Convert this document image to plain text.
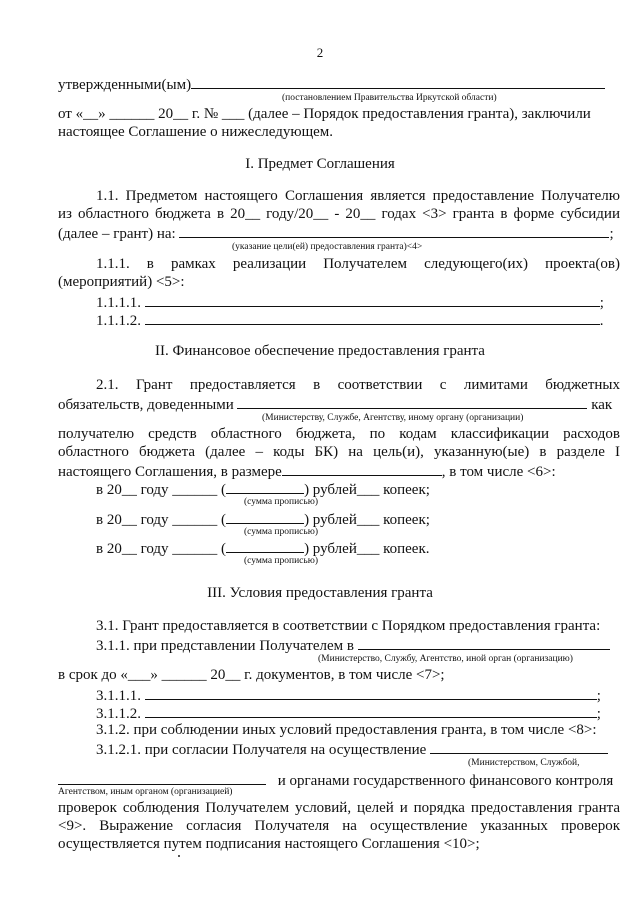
2
утвержденными(ым)
(постановлением Правительства Иркутской области)
от «__» ______ 20__ г. № ___ (далее – Порядок предоставления гранта), заключили
настоящее Соглашение о нижеследующем.
I. Предмет Соглашения
1.1. Предметом настоящего Соглашения является предоставление Получателю
из областного бюджета в 20__ году/20__ - 20__ годах <3> гранта в форме субсидии
(далее – грант) на:	;
(указание цели(ей) предоставления гранта)<4>
1.1.1. в рамках реализации Получателем следующего(их) проекта(ов)
(мероприятий) <5>:
1.1.1.1.	;
1.1.1.2.	.
II. Финансовое обеспечение предоставления гранта
2.1. Грант предоставляется в соответствии с лимитами бюджетных
обязательств, доведенными	как
(Министерству, Службе, Агентству, иному органу (организации)
получателю средств областного бюджета, по кодам классификации расходов
областного бюджета (далее – коды БК) на цель(и), указанную(ые) в разделе I
настоящего Соглашения, в размере	, в том числе <6>:
в 20__ году ______ (	) рублей___ копеек;
(сумма прописью)
в 20__ году ______ (	) рублей___ копеек;
(сумма прописью)
в 20__ году ______ (	) рублей___ копеек.
(сумма прописью)
III. Условия предоставления гранта
3.1. Грант предоставляется в соответствии с Порядком предоставления гранта:
3.1.1. при представлении Получателем в
(Министерство, Службу, Агентство, иной орган (организацию)
в срок до «___» ______ 20__ г. документов, в том числе <7>;
3.1.1.1.	;
3.1.1.2.	;
3.1.2. при соблюдении иных условий предоставления гранта, в том числе <8>:
3.1.2.1. при согласии Получателя на осуществление
(Министерством, Службой,
и органами государственного финансового контроля
Агентством, иным органом (организацией)
проверок соблюдения Получателем условий, целей и порядка предоставления гранта
<9>. Выражение согласия Получателя на осуществление указанных проверок
осуществляется путем подписания настоящего Соглашения <10>;
